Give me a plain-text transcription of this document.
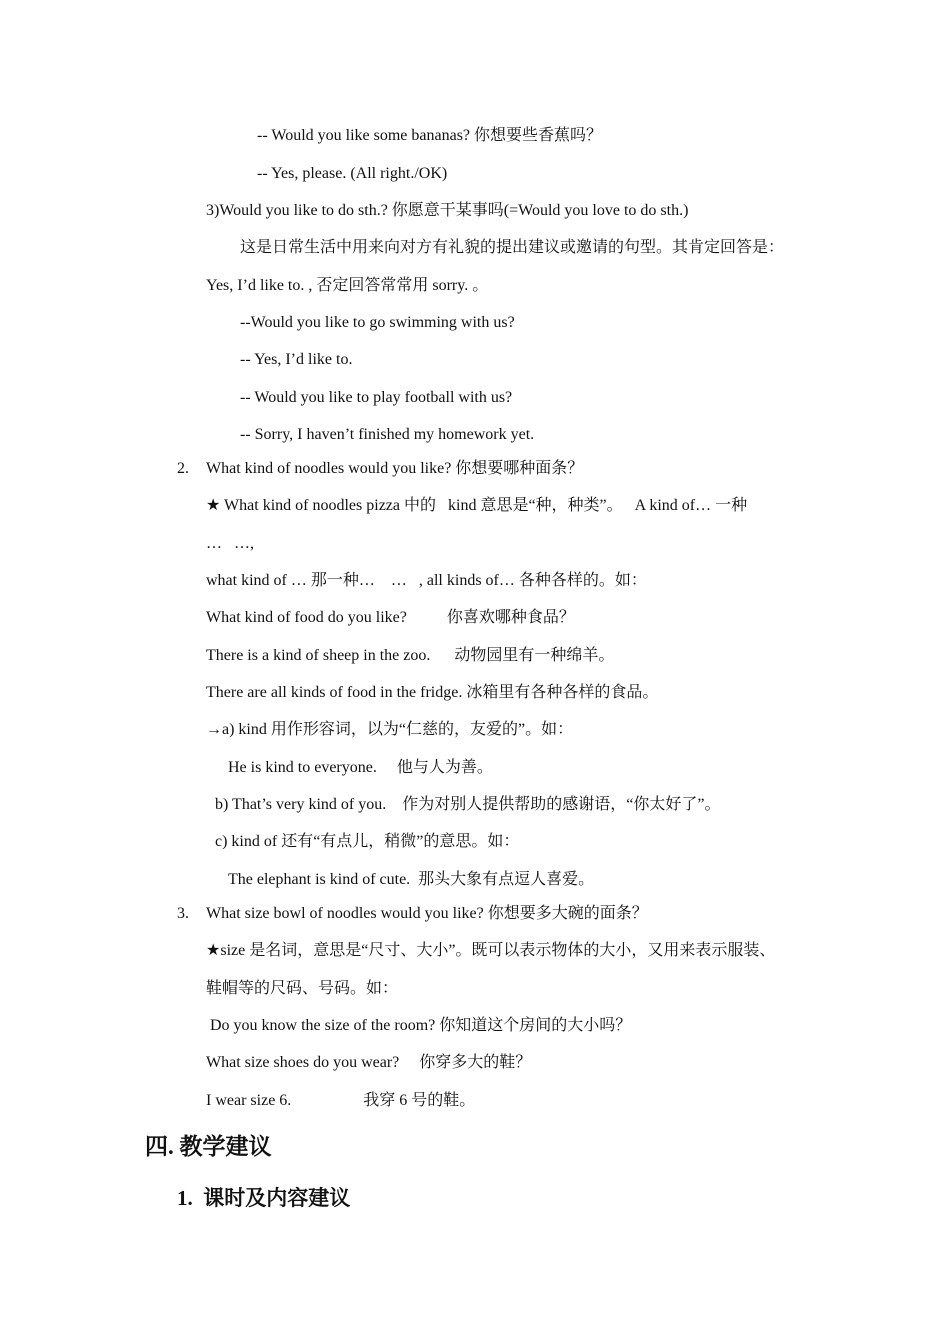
-- Would you like some bananas? 你想要些香蕉吗？
-- Yes, please. (All right./OK)
3)Would you like to do sth.? 你愿意干某事吗(=Would you love to do sth.)
这是日常生活中用来向对方有礼貌的提出建议或邀请的句型。其肯定回答是：
Yes, I’d like to. , 否定回答常常用 sorry. 。
--Would you like to go swimming with us?
-- Yes, I’d like to.
-- Would you like to play football with us?
-- Sorry, I haven’t finished my homework yet.
2. What kind of noodles would you like? 你想要哪种面条？
★ What kind of noodles pizza 中的   kind 意思是“种，种类”。   A kind of… 一种
…   …,
what kind of … 那一种…    …   , all kinds of… 各种各样的。如：
What kind of food do you like?          你喜欢哪种食品？
There is a kind of sheep in the zoo.      动物园里有一种绵羊。
There are all kinds of food in the fridge. 冰箱里有各种各样的食品。
→a) kind 用作形容词，以为“仁慈的，友爱的”。如：
He is kind to everyone.     他与人为善。
b) That’s very kind of you.    作为对别人提供帮助的感谢语，“你太好了”。
c) kind of 还有“有点儿，稍微”的意思。如：
The elephant is kind of cute.  那头大象有点逗人喜爱。
3. What size bowl of noodles would you like? 你想要多大碗的面条？
★size 是名词，意思是“尺寸、大小”。既可以表示物体的大小，又用来表示服装、
鞋帽等的尺码、号码。如：
Do you know the size of the room? 你知道这个房间的大小吗？
What size shoes do you wear?     你穿多大的鞋？
I wear size 6.                  我穿 6 号的鞋。
四. 教学建议
1.  课时及内容建议
